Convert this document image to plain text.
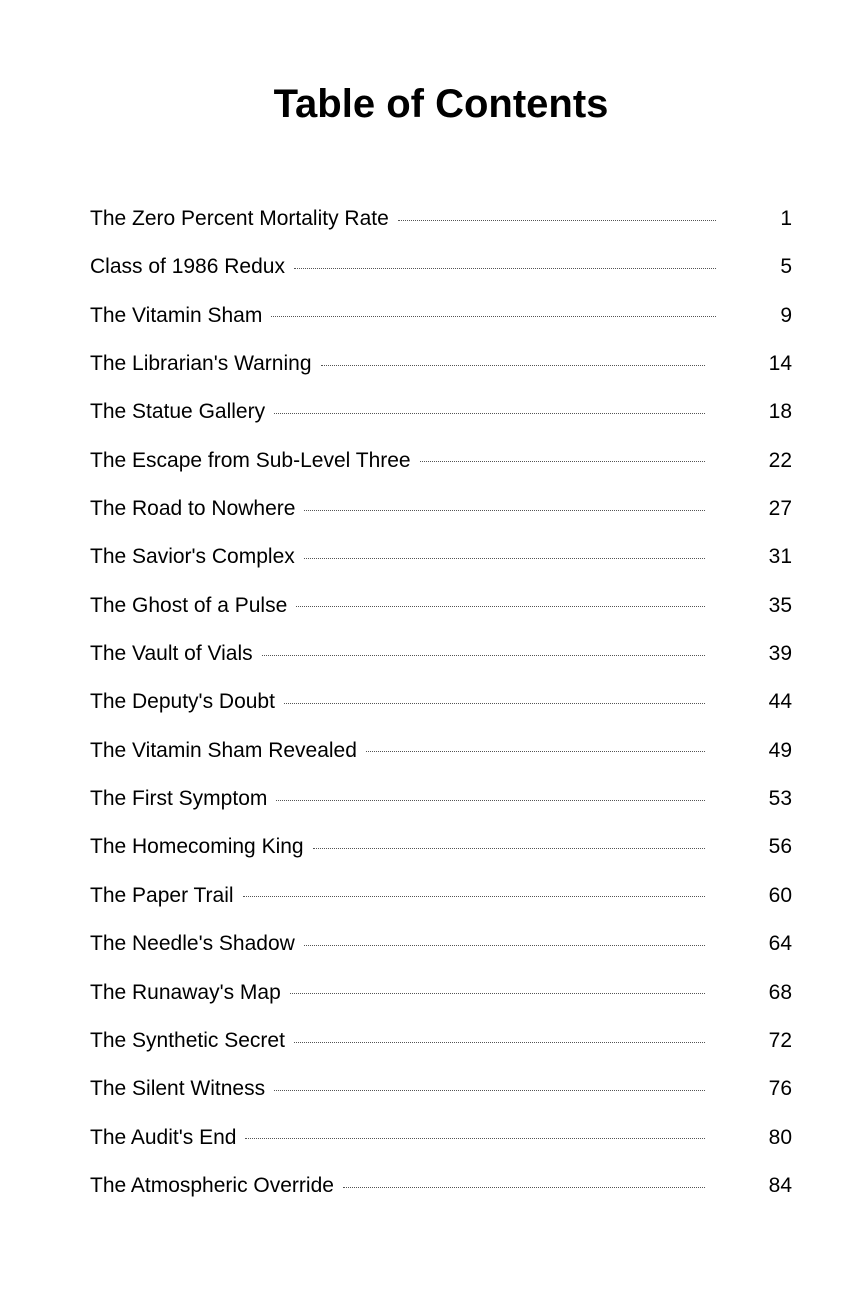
Table of Contents
The Zero Percent Mortality Rate	1
Class of 1986 Redux	5
The Vitamin Sham	9
The Librarian's Warning	14
The Statue Gallery	18
The Escape from Sub-Level Three	22
The Road to Nowhere	27
The Savior's Complex	31
The Ghost of a Pulse	35
The Vault of Vials	39
The Deputy's Doubt	44
The Vitamin Sham Revealed	49
The First Symptom	53
The Homecoming King	56
The Paper Trail	60
The Needle's Shadow	64
The Runaway's Map	68
The Synthetic Secret	72
The Silent Witness	76
The Audit's End	80
The Atmospheric Override	84
